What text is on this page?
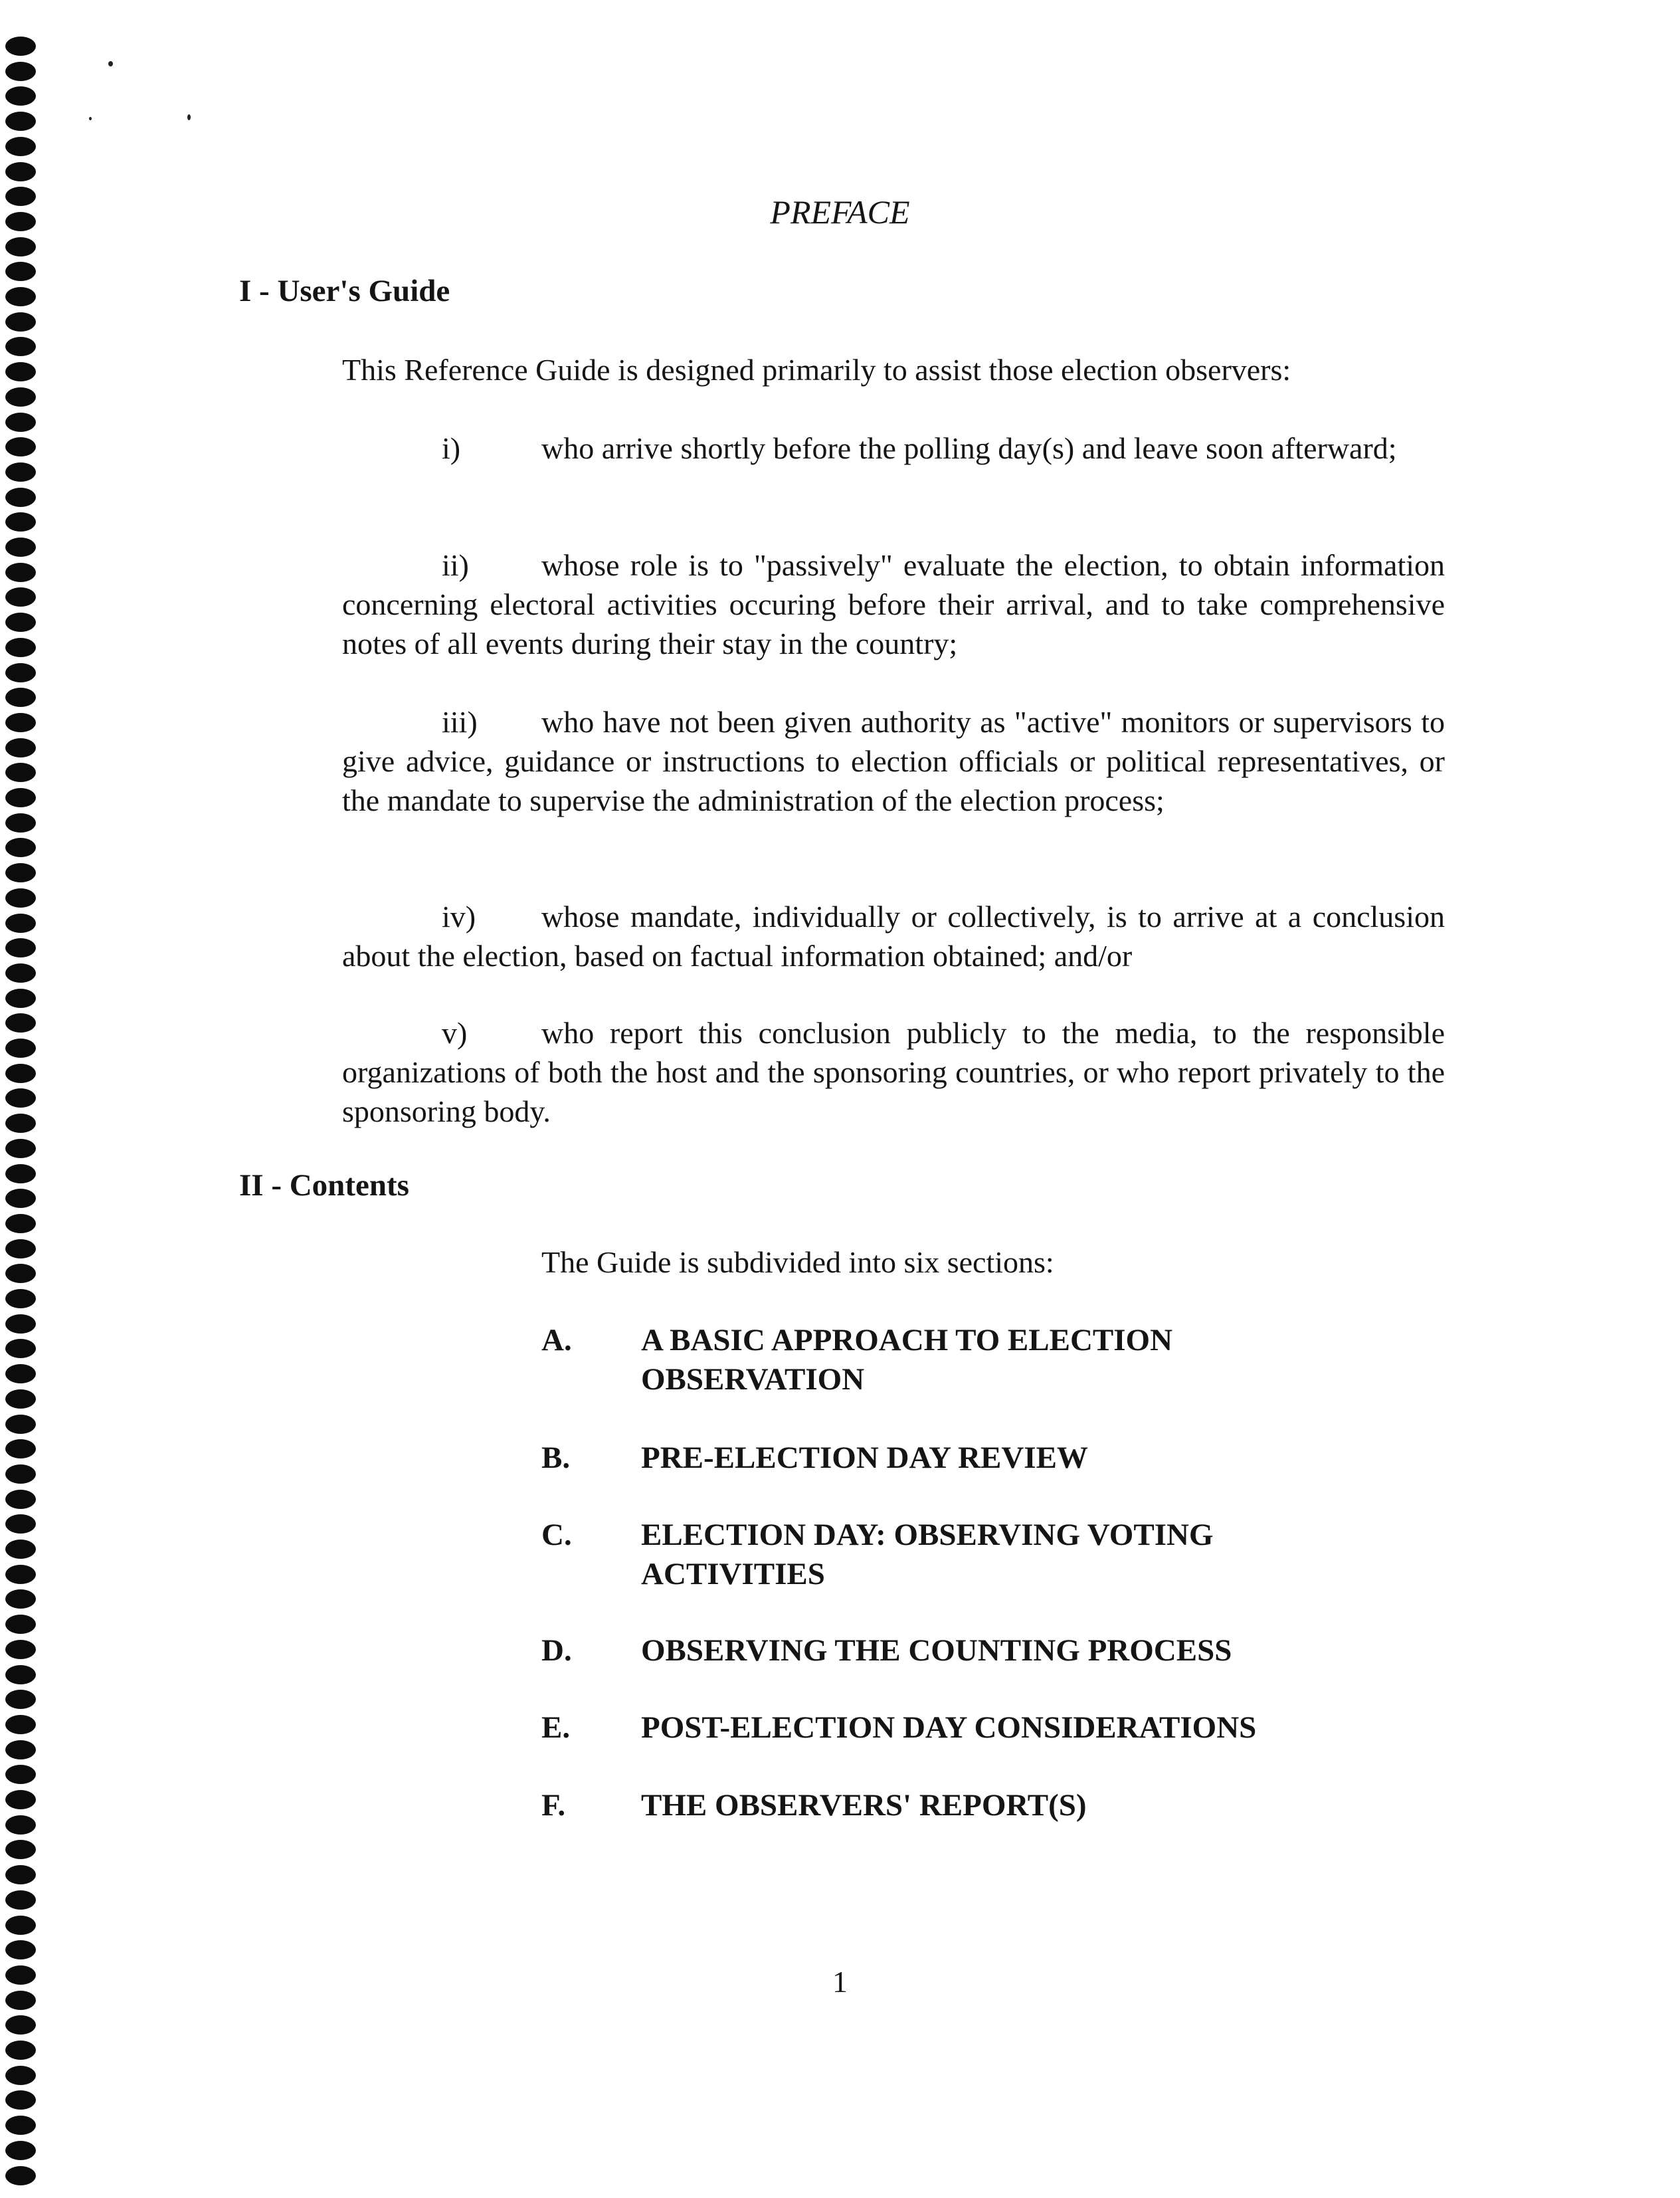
PREFACE
I - User's Guide

This Reference Guide is designed primarily to assist those election observers:

i)	who arrive shortly before the polling day(s) and leave soon afterward;

ii) whose role is to "passively" evaluate the election, to obtain information concerning electoral activities occuring before their arrival, and to take comprehensive notes of all events during their stay in the country;

iii) who have not been given authority as "active" monitors or supervisors to give advice, guidance or instructions to election officials or political representatives, or the mandate to supervise the administration of the election process;

iv) whose mandate, individually or collectively, is to arrive at a conclusion about the election, based on factual information obtained; and/or

v) who report this conclusion publicly to the media, to the responsible organizations of both the host and the sponsoring countries, or who report privately to the sponsoring body.

II - Contents

The Guide is subdivided into six sections:

A. A BASIC APPROACH TO ELECTION OBSERVATION

B. PRE-ELECTION DAY REVIEW

C. ELECTION DAY: OBSERVING VOTING ACTIVITIES

D. OBSERVING THE COUNTING PROCESS

E. POST-ELECTION DAY CONSIDERATIONS

F. THE OBSERVERS' REPORT(S)

1
